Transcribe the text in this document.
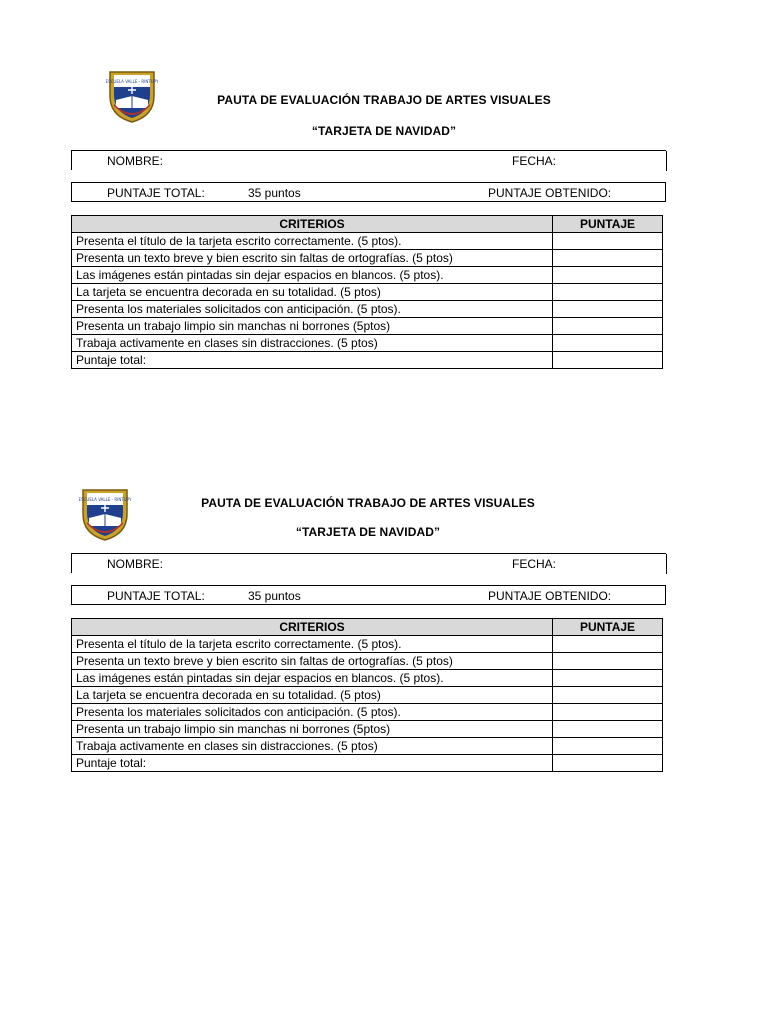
ESCUELA VALLE - RINTUPY
PAUTA DE EVALUACIÓN TRABAJO DE ARTES VISUALES
“TARJETA DE NAVIDAD”
NOMBRE:	FECHA:
PUNTAJE TOTAL:	35 puntos	PUNTAJE OBTENIDO:
CRITERIOS	PUNTAJE
Presenta el título de la tarjeta escrito correctamente. (5 ptos).	
Presenta un texto breve y bien escrito sin faltas de ortografías. (5 ptos)	
Las imágenes están pintadas sin dejar espacios en blancos. (5 ptos).	
La tarjeta se encuentra decorada en su totalidad. (5 ptos)	
Presenta los materiales solicitados con anticipación. (5 ptos).	
Presenta un trabajo limpio sin manchas ni borrones (5ptos)	
Trabaja activamente en clases sin distracciones. (5 ptos)	
Puntaje total:	
ESCUELA VALLE - RINTUPY	PAUTA DE EVALUACIÓN TRABAJO DE ARTES VISUALES
“TARJETA DE NAVIDAD”
NOMBRE:	FECHA:
PUNTAJE TOTAL:	35 puntos	PUNTAJE OBTENIDO:
CRITERIOS	PUNTAJE
Presenta el título de la tarjeta escrito correctamente. (5 ptos).	
Presenta un texto breve y bien escrito sin faltas de ortografías. (5 ptos)	
Las imágenes están pintadas sin dejar espacios en blancos. (5 ptos).	
La tarjeta se encuentra decorada en su totalidad. (5 ptos)	
Presenta los materiales solicitados con anticipación. (5 ptos).	
Presenta un trabajo limpio sin manchas ni borrones (5ptos)	
Trabaja activamente en clases sin distracciones. (5 ptos)	
Puntaje total:	
